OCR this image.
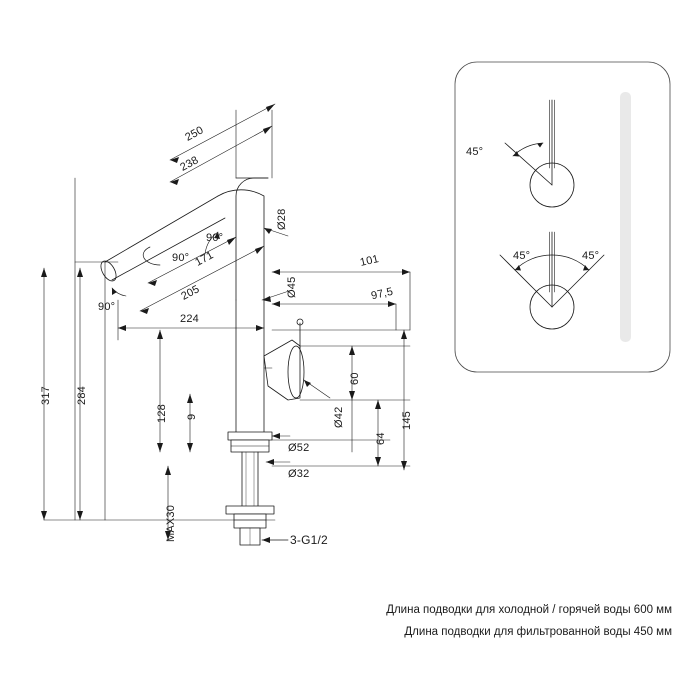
250
238
171
205
224
101
97,5
317 284
128 9
MAX30
60
64
145
Ø42
Ø28
Ø45
Ø52
Ø32
90°
90°
90°
3-G1/2
45°
45°	45°
Длина подводки для холодной / горячей воды 600 мм
Длина подводки для фильтрованной воды 450 мм
